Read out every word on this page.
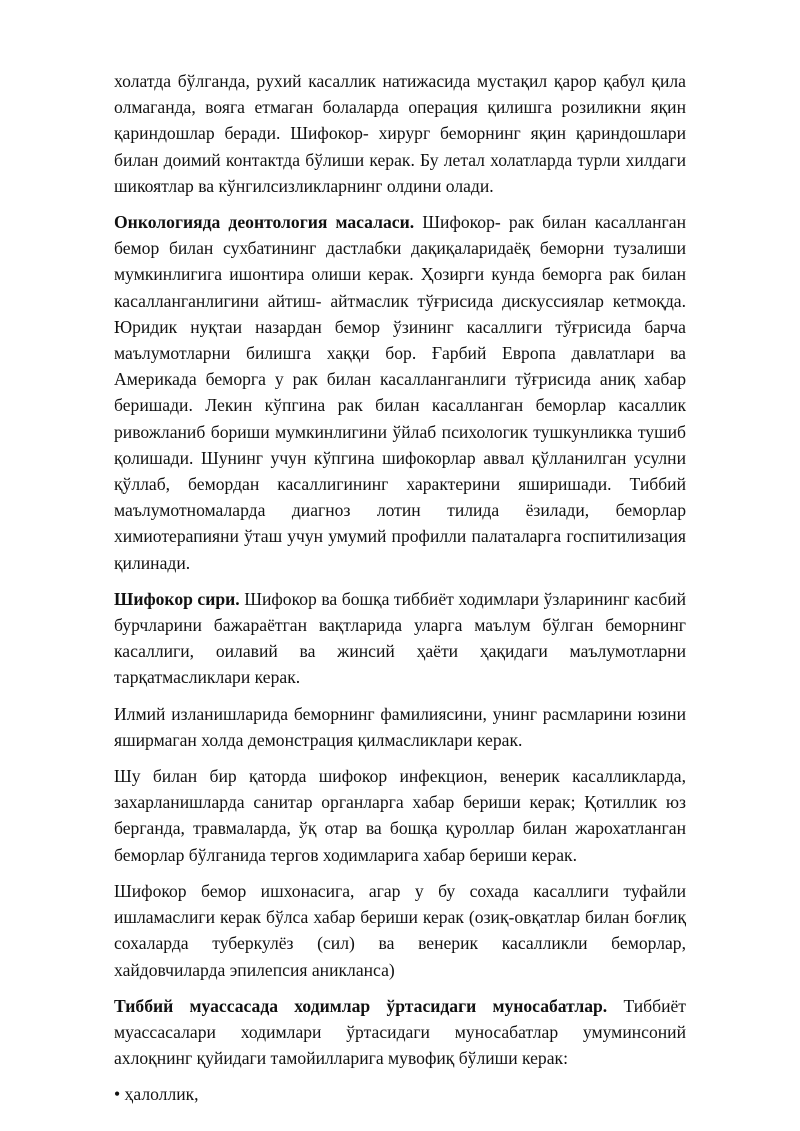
холатда бўлганда, рухий касаллик натижасида мустақил қарор қабул қила олмаганда, вояга етмаган болаларда операция қилишга розиликни яқин қариндошлар беради. Шифокор- хирург беморнинг яқин қариндошлари билан доимий контактда бўлиши керак. Бу летал холатларда турли хилдаги шикоятлар ва кўнгилсизликларнинг олдини олади.

Онкологияда деонтология масаласи. Шифокор- рак билан касалланган бемор билан сухбатининг дастлабки дақиқаларидаёқ беморни тузалиши мумкинлигига ишонтира олиши керак. Ҳозирги кунда беморга рак билан касалланганлигини айтиш- айтмаслик тўғрисида дискуссиялар кетмоқда. Юридик нуқтаи назардан бемор ўзининг касаллиги тўғрисида барча маълумотларни билишга хаққи бор. Ғарбий Европа давлатлари ва Америкада беморга у рак билан касалланганлиги тўғрисида аниқ хабар беришади. Лекин кўпгина рак билан касалланган беморлар касаллик ривожланиб бориши мумкинлигини ўйлаб психологик тушкунликка тушиб қолишади. Шунинг учун кўпгина шифокорлар аввал қўлланилган усулни қўллаб, бемордан касаллигининг характерини яширишади. Тиббий маълумотномаларда диагноз лотин тилида ёзилади, беморлар химиотерапияни ўташ учун умумий профилли палаталарга госпитилизация қилинади.

Шифокор сири. Шифокор ва бошқа тиббиёт ходимлари ўзларининг касбий бурчларини бажараётган вақтларида уларга маълум бўлган беморнинг касаллиги, оилавий ва жинсий ҳаёти ҳақидаги маълумотларни тарқатмасликлари керак.

Илмий изланишларида беморнинг фамилиясини, унинг расмларини юзини яширмаган холда демонстрация қилмасликлари керак.

Шу билан бир қаторда шифокор инфекцион, венерик касалликларда, захарланишларда санитар органларга хабар бериши керак; Қотиллик юз берганда, травмаларда, ўқ отар ва бошқа қуроллар билан жарохатланган беморлар бўлганида тергов ходимларига хабар бериши керак.

Шифокор бемор ишхонасига, агар у бу сохада касаллиги туфайли ишламаслиги керак бўлса хабар бериши керак (озиқ-овқатлар билан боғлиқ сохаларда туберкулёз (сил) ва венерик касалликли беморлар, хайдовчиларда эпилепсия аникланса)

Тиббий муассасада ходимлар ўртасидаги муносабатлар. Тиббиёт муассасалари ходимлари ўртасидаги муносабатлар умуминсоний ахлоқнинг қуйидаги тамойилларига мувофиқ бўлиши керак:

• ҳалоллик,
